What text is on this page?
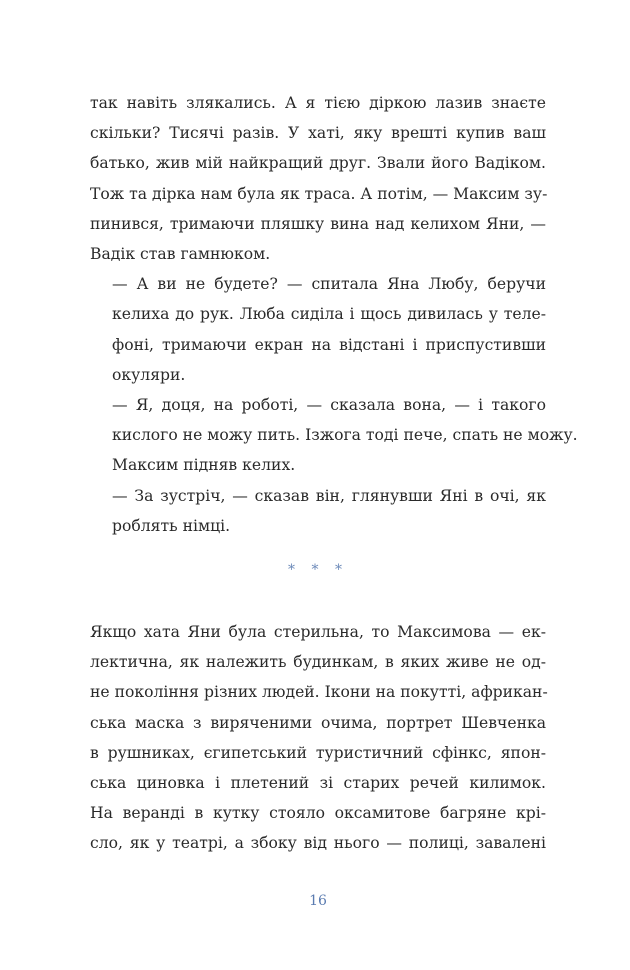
так навіть злякались. А я тією діркою лазив знаєте
скільки? Тисячі разів. У хаті, яку врешті купив ваш
батько, жив мій найкращий друг. Звали його Вадіком.
Тож та дірка нам була як траса. А потім, — Максим зу-
пинився, тримаючи пляшку вина над келихом Яни, —
Вадік став гамнюком.

— А ви не будете? — спитала Яна Любу, беручи
келиха до рук. Люба сиділа і щось дивилась у теле-
фоні, тримаючи екран на відстані і приспустивши
окуляри.

— Я, доця, на роботі, — сказала вона, — і такого
кислого не можу пить. Ізжога тоді пече, спать не можу.

Максим підняв келих.

— За зустріч, — сказав він, глянувши Яні в очі, як
роблять німці.

* * *

Якщо хата Яни була стерильна, то Максимова — ек-
лектична, як належить будинкам, в яких живе не од-
не покоління різних людей. Ікони на покутті, африкан-
ська маска з виряченими очима, портрет Шевченка
в рушниках, єгипетський туристичний сфінкс, япон-
ська циновка і плетений зі старих речей килимок.
На веранді в кутку стояло оксамитове багряне крі-
сло, як у театрі, а збоку від нього — полиці, завалені

16
